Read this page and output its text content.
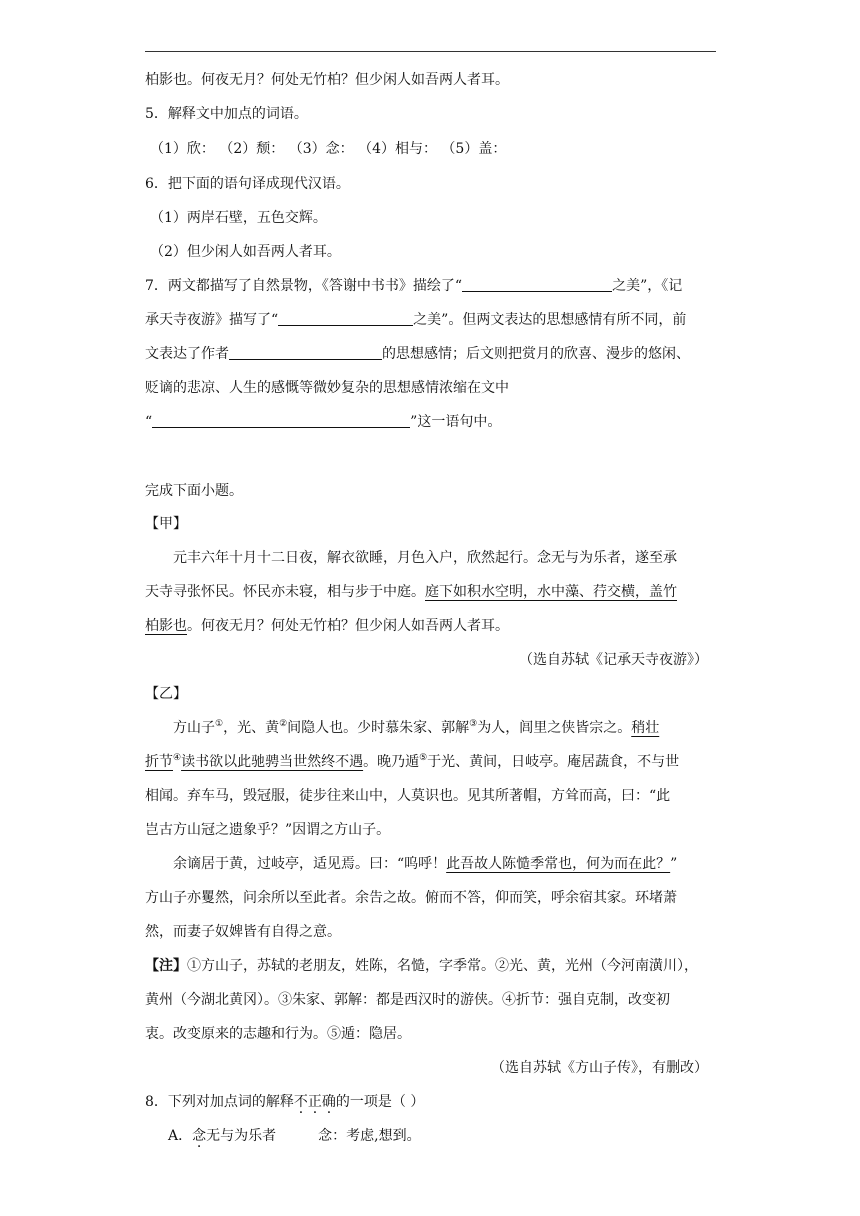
柏影也。何夜无月？何处无竹柏？但少闲人如吾两人者耳。
5．解释文中加点的词语。
（1）欣： （2）颓： （3）念： （4）相与： （5）盖：
6．把下面的语句译成现代汉语。
（1）两岸石壁，五色交辉。
（2）但少闲人如吾两人者耳。
7．两文都描写了自然景物，《答谢中书书》描绘了“	之美”，《记
承天寺夜游》描写了“	之美”。但两文表达的思想感情有所不同，前
文表达了作者	的思想感情；后文则把赏月的欣喜、漫步的悠闲、
贬谪的悲凉、人生的感慨等微妙复杂的思想感情浓缩在文中
“	”这一语句中。
完成下面小题。
【甲】
元丰六年十月十二日夜，解衣欲睡，月色入户，欣然起行。念无与为乐者，遂至承
天寺寻张怀民。怀民亦未寝，相与步于中庭。庭下如积水空明，水中藻、荇交横，盖竹
柏影也。何夜无月？何处无竹柏？但少闲人如吾两人者耳。
（选自苏轼《记承天寺夜游》）
【乙】
方山子①，光、黄②间隐人也。少时慕朱家、郭解③为人，闾里之侠皆宗之。稍壮
折节④读书欲以此驰骋当世然终不遇。晚乃遁⑤于光、黄间，日岐亭。庵居蔬食，不与世
相闻。弃车马，毁冠服，徒步往来山中，人莫识也。见其所著帽，方耸而高，曰：“此
岂古方山冠之遗象乎？”因谓之方山子。
余谪居于黄，过岐亭，适见焉。曰：“呜呼！此吾故人陈慥季常也，何为而在此？”
方山子亦矍然，问余所以至此者。余告之故。俯而不答，仰而笑，呼余宿其家。环堵萧
然，而妻子奴婢皆有自得之意。
【注】①方山子，苏轼的老朋友，姓陈，名慥，字季常。②光、黄，光州（今河南潢川），
黄州（今湖北黄冈）。③朱家、郭解：都是西汉时的游侠。④折节：强自克制，改变初
衷。改变原来的志趣和行为。⑤遁：隐居。
（选自苏轼《方山子传》，有删改）
8．下列对加点词的解释不正确的一项是（ ）
A．念无与为乐者	念：考虑,想到。
